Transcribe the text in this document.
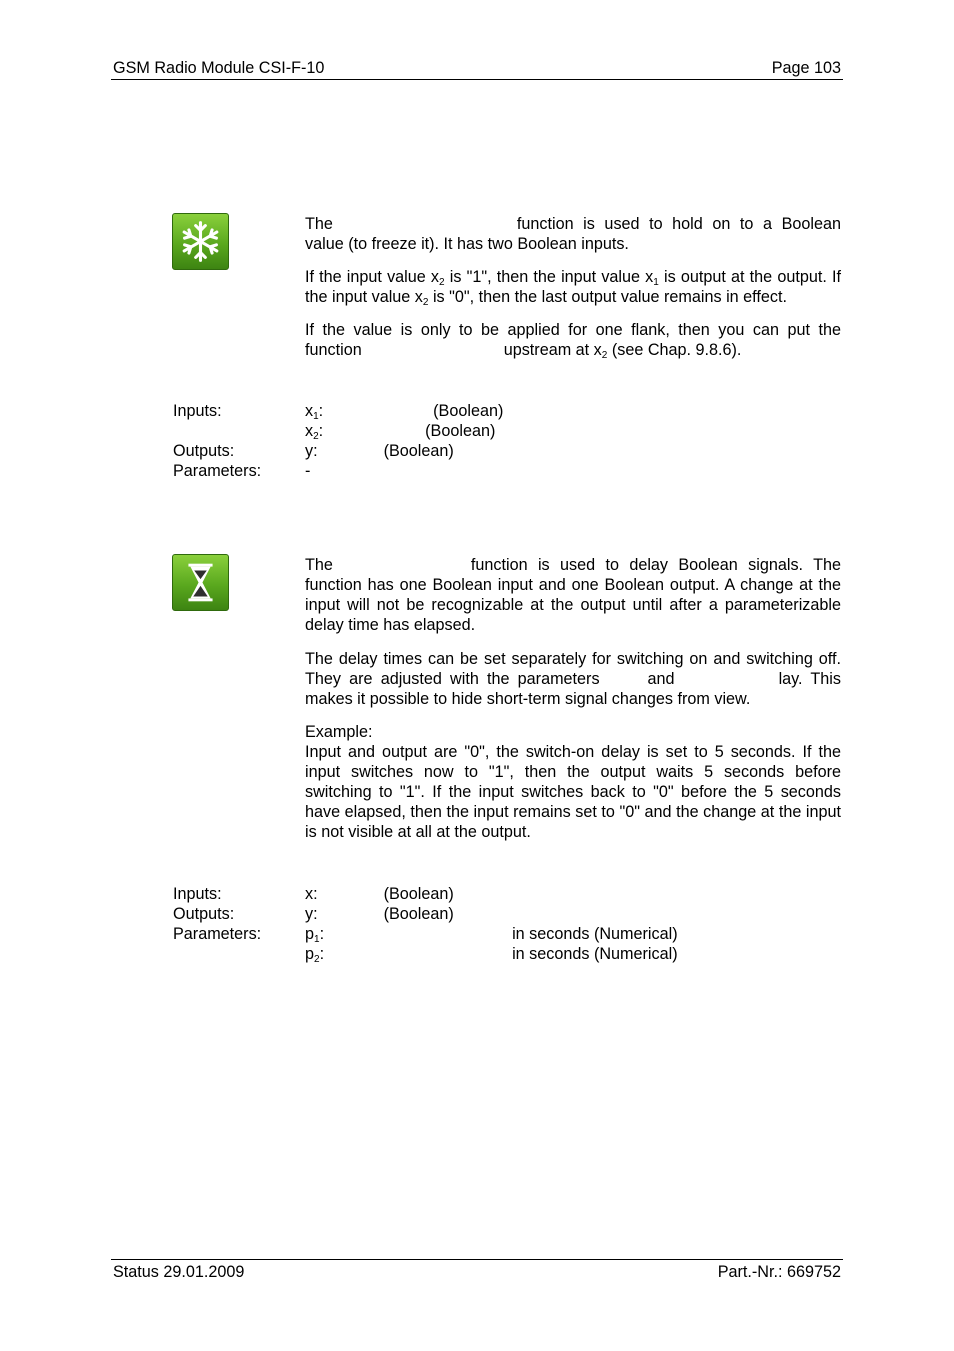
GSM Radio Module CSI-F-10	Page 103

The	function is used to hold on to a Boolean value (to freeze it). It has two Boolean inputs.

If the input value $x_2$ is "1", then the input value $x_1$ is output at the output. If the input value $x_2$ is "0", then the last output value remains in effect.

If the value is only to be applied for one flank, then you can put the function	upstream at $x_2$ (see Chap. 9.8.6).

Inputs:	$x_1$:	(Boolean)
$x_2$:	(Boolean)
Outputs:	y:	(Boolean)
Parameters:	-

The	function is used to delay Boolean signals. The function has one Boolean input and one Boolean output. A change at the input will not be recognizable at the output until after a parameterizable delay time has elapsed.

The delay times can be set separately for switching on and switching off. They are adjusted with the parameters	and	lay. This makes it possible to hide short-term signal changes from view.

Example:

Input and output are "0", the switch-on delay is set to 5 seconds. If the input switches now to "1", then the output waits 5 seconds before switching to "1". If the input switches back to "0" before the 5 seconds have elapsed, then the input remains set to "0" and the change at the input is not visible at all at the output.

Inputs:	x:	(Boolean)
Outputs:	y:	(Boolean)
Parameters:	$p_1$:	in seconds (Numerical)
$p_2$:	in seconds (Numerical)
Status 29.01.2009	Part.-Nr.: 669752
